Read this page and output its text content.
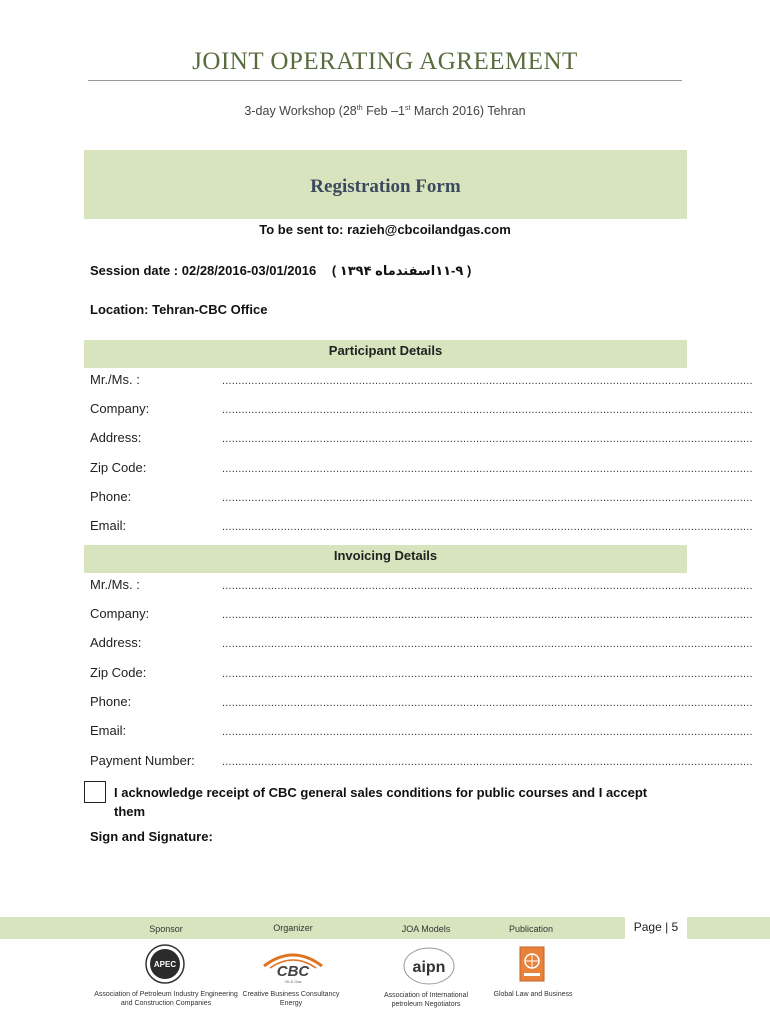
JOINT OPERATING AGREEMENT
3-day Workshop (28th Feb –1st March 2016) Tehran
Registration Form
To be sent to: razieh@cbcoilandgas.com
Session date : 02/28/2016-03/01/2016 ( ۱۱-۹اسفندماه ۱۳۹۴ )
Location: Tehran-CBC Office
Participant Details
Mr./Ms. :	...................................................................................................................................................................
Company:	...................................................................................................................................................................
Address:	...................................................................................................................................................................
Zip Code:	...................................................................................................................................................................
Phone:	...................................................................................................................................................................
Email:	...................................................................................................................................................................
Invoicing Details
Mr./Ms. :	...................................................................................................................................................................
Company:	...................................................................................................................................................................
Address:	...................................................................................................................................................................
Zip Code:	...................................................................................................................................................................
Phone:	...................................................................................................................................................................
Email:	...................................................................................................................................................................
Payment Number: ...................................................................................................................................................................
I acknowledge receipt of CBC general sales conditions for public courses and I accept them
Sign and Signature:
Page | 5
Sponsor	Organizer	JOA Models	Publication
APEC
Association of Petroleum Industry Engineering and Construction Companies
CBC
Oil & Gas
Creative Business Consultancy Energy
aipn
Association of International petroleum Negotiators
Global Law and Business
